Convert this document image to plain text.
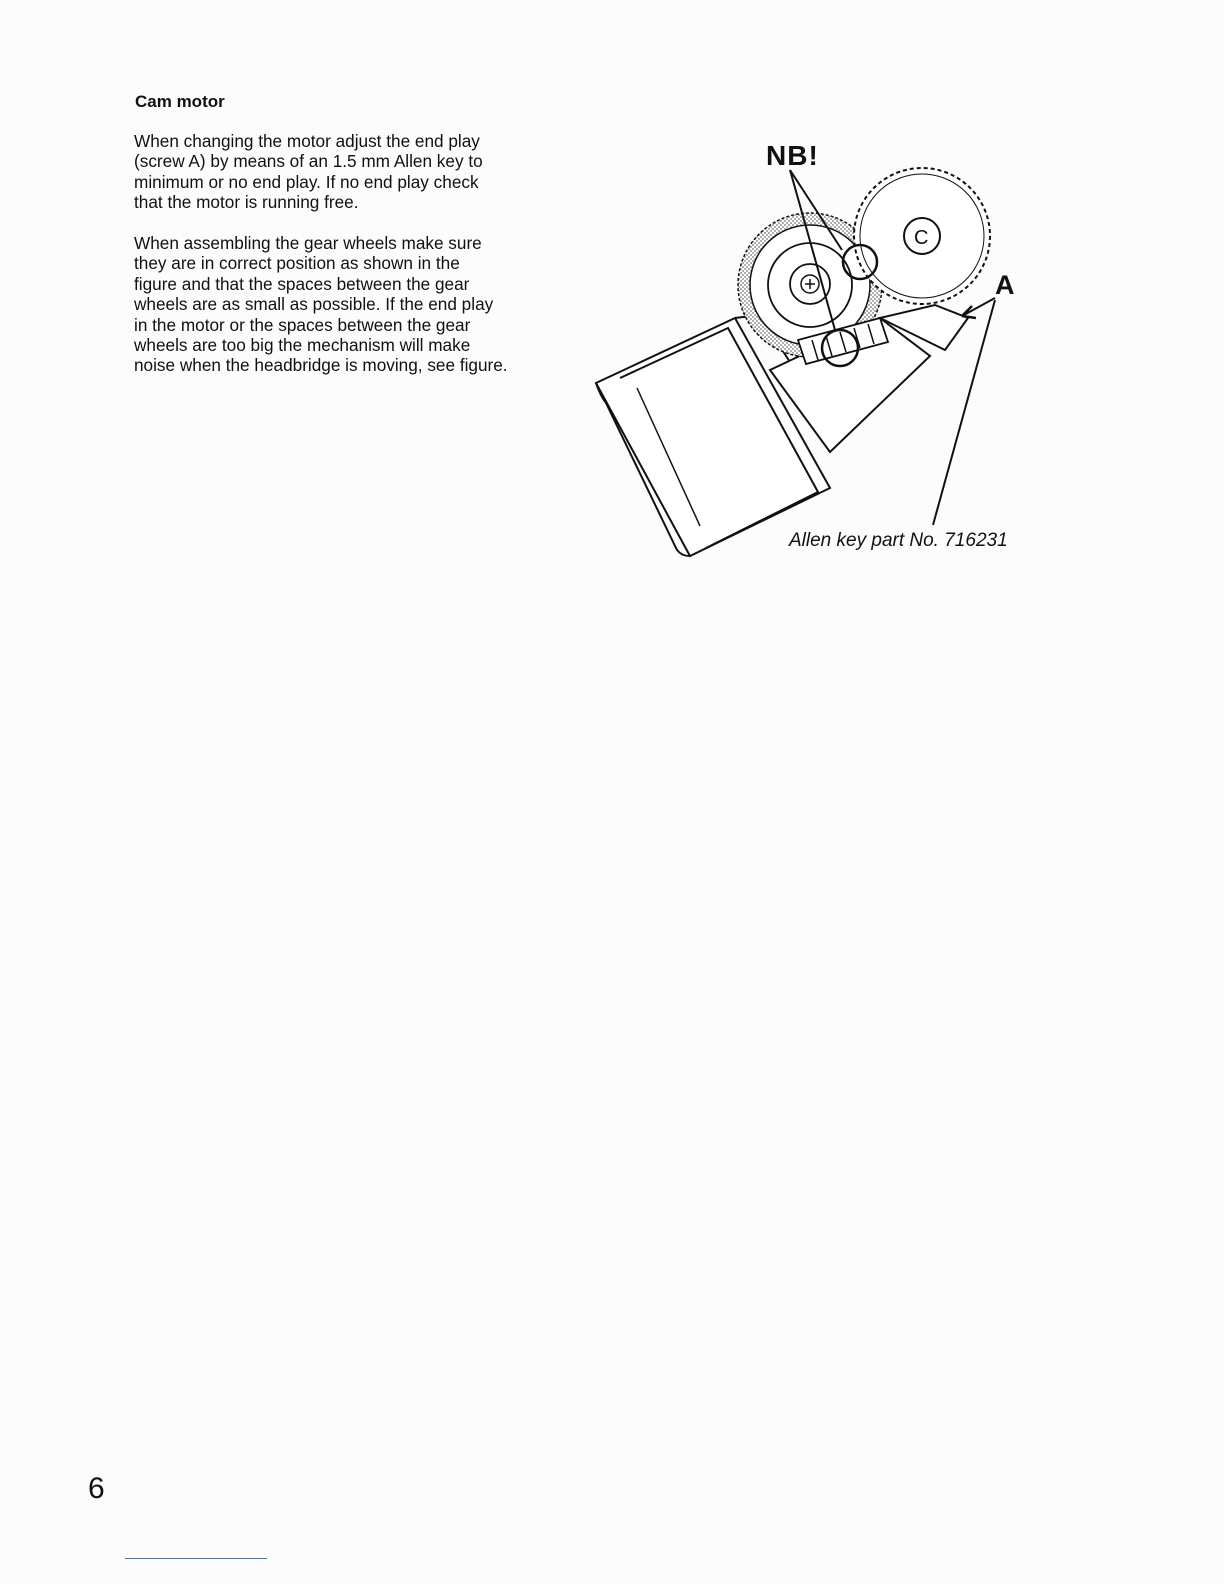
Cam motor

When changing the motor adjust the end play
(screw A) by means of an 1.5 mm Allen key to
minimum or no end play. If no end play check
that the motor is running free.

When assembling the gear wheels make sure
they are in correct position as shown in the
figure and that the spaces between the gear
wheels are as small as possible. If the end play
in the motor or the spaces between the gear
wheels are too big the mechanism will make
noise when the headbridge is moving, see figure.

C
NB!
A
Allen key part No. 716231
6
